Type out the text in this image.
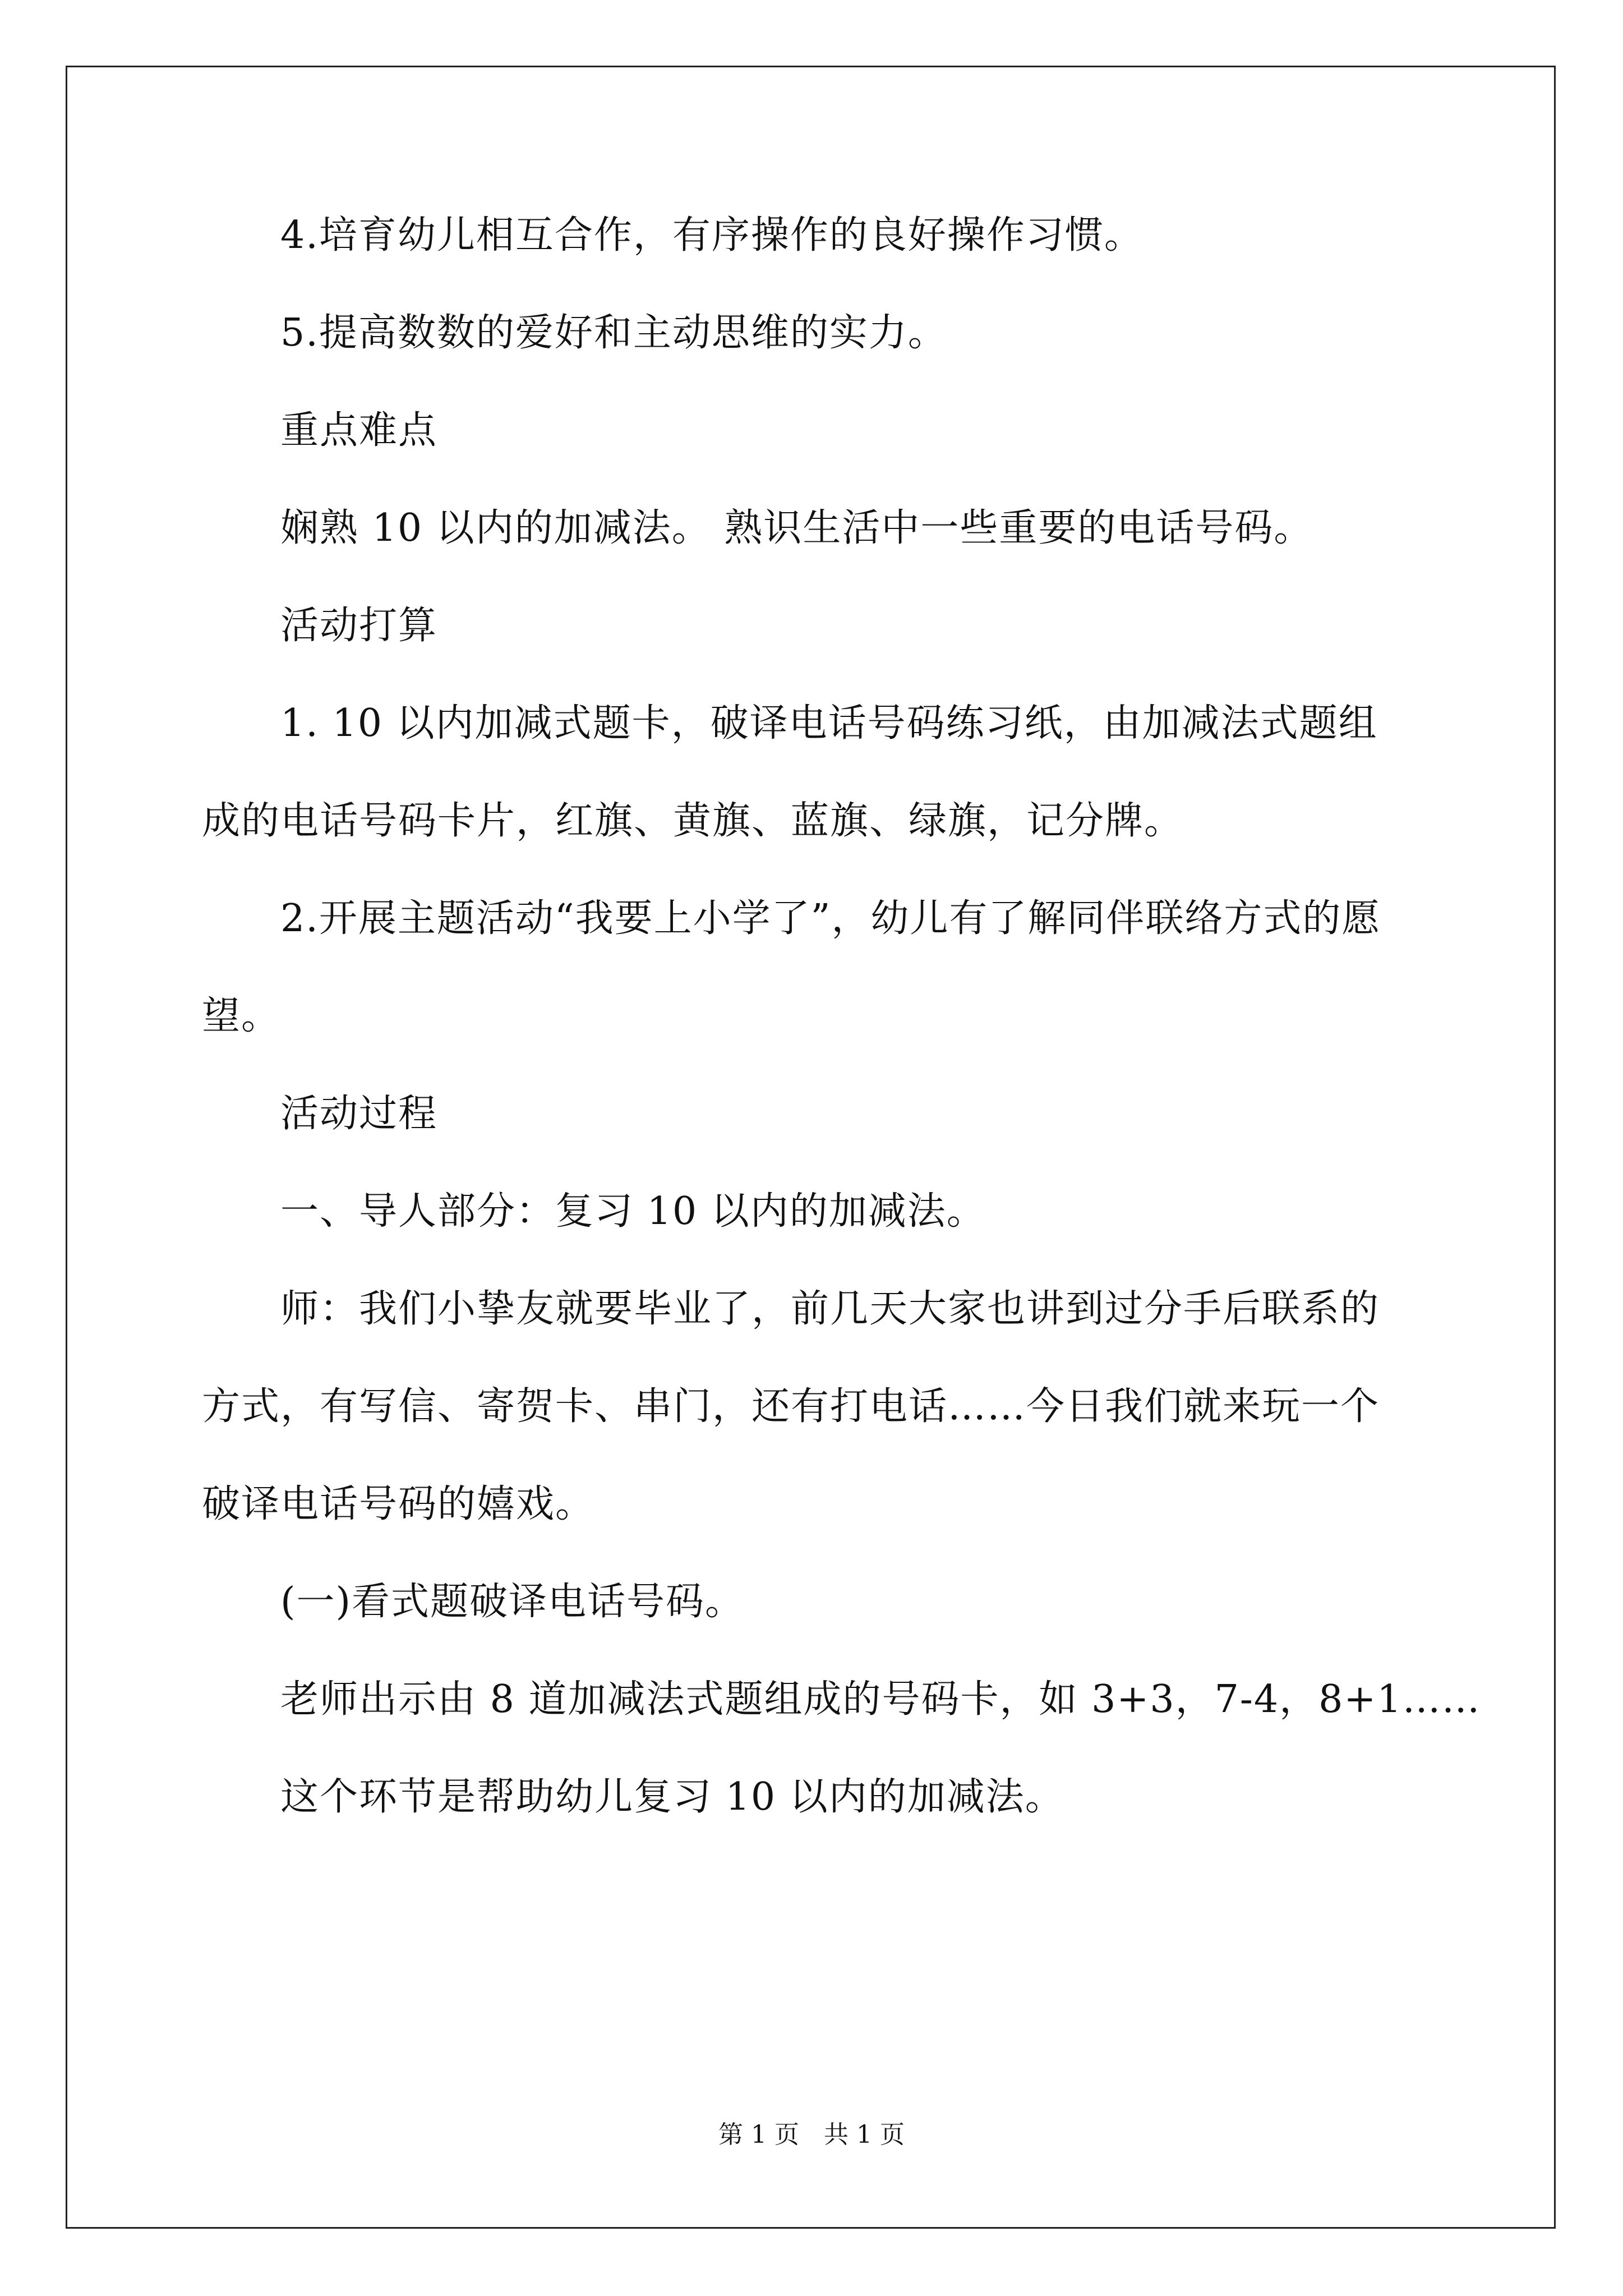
4.培育幼儿相互合作，有序操作的良好操作习惯。
5.提高数数的爱好和主动思维的实力。
重点难点
娴熟 10 以内的加减法。 熟识生活中一些重要的电话号码。
活动打算
1. 10 以内加减式题卡，破译电话号码练习纸，由加减法式题组
成的电话号码卡片，红旗、黄旗、蓝旗、绿旗，记分牌。
2.开展主题活动“我要上小学了”，幼儿有了解同伴联络方式的愿
望。
活动过程
一、导人部分：复习 10 以内的加减法。
师：我们小挚友就要毕业了，前几天大家也讲到过分手后联系的
方式，有写信、寄贺卡、串门，还有打电话……今日我们就来玩一个
破译电话号码的嬉戏。
(一)看式题破译电话号码。
老师出示由 8 道加减法式题组成的号码卡，如 3+3，7-4，8+1……
这个环节是帮助幼儿复习 10 以内的加减法。
第 1 页　共 1 页
